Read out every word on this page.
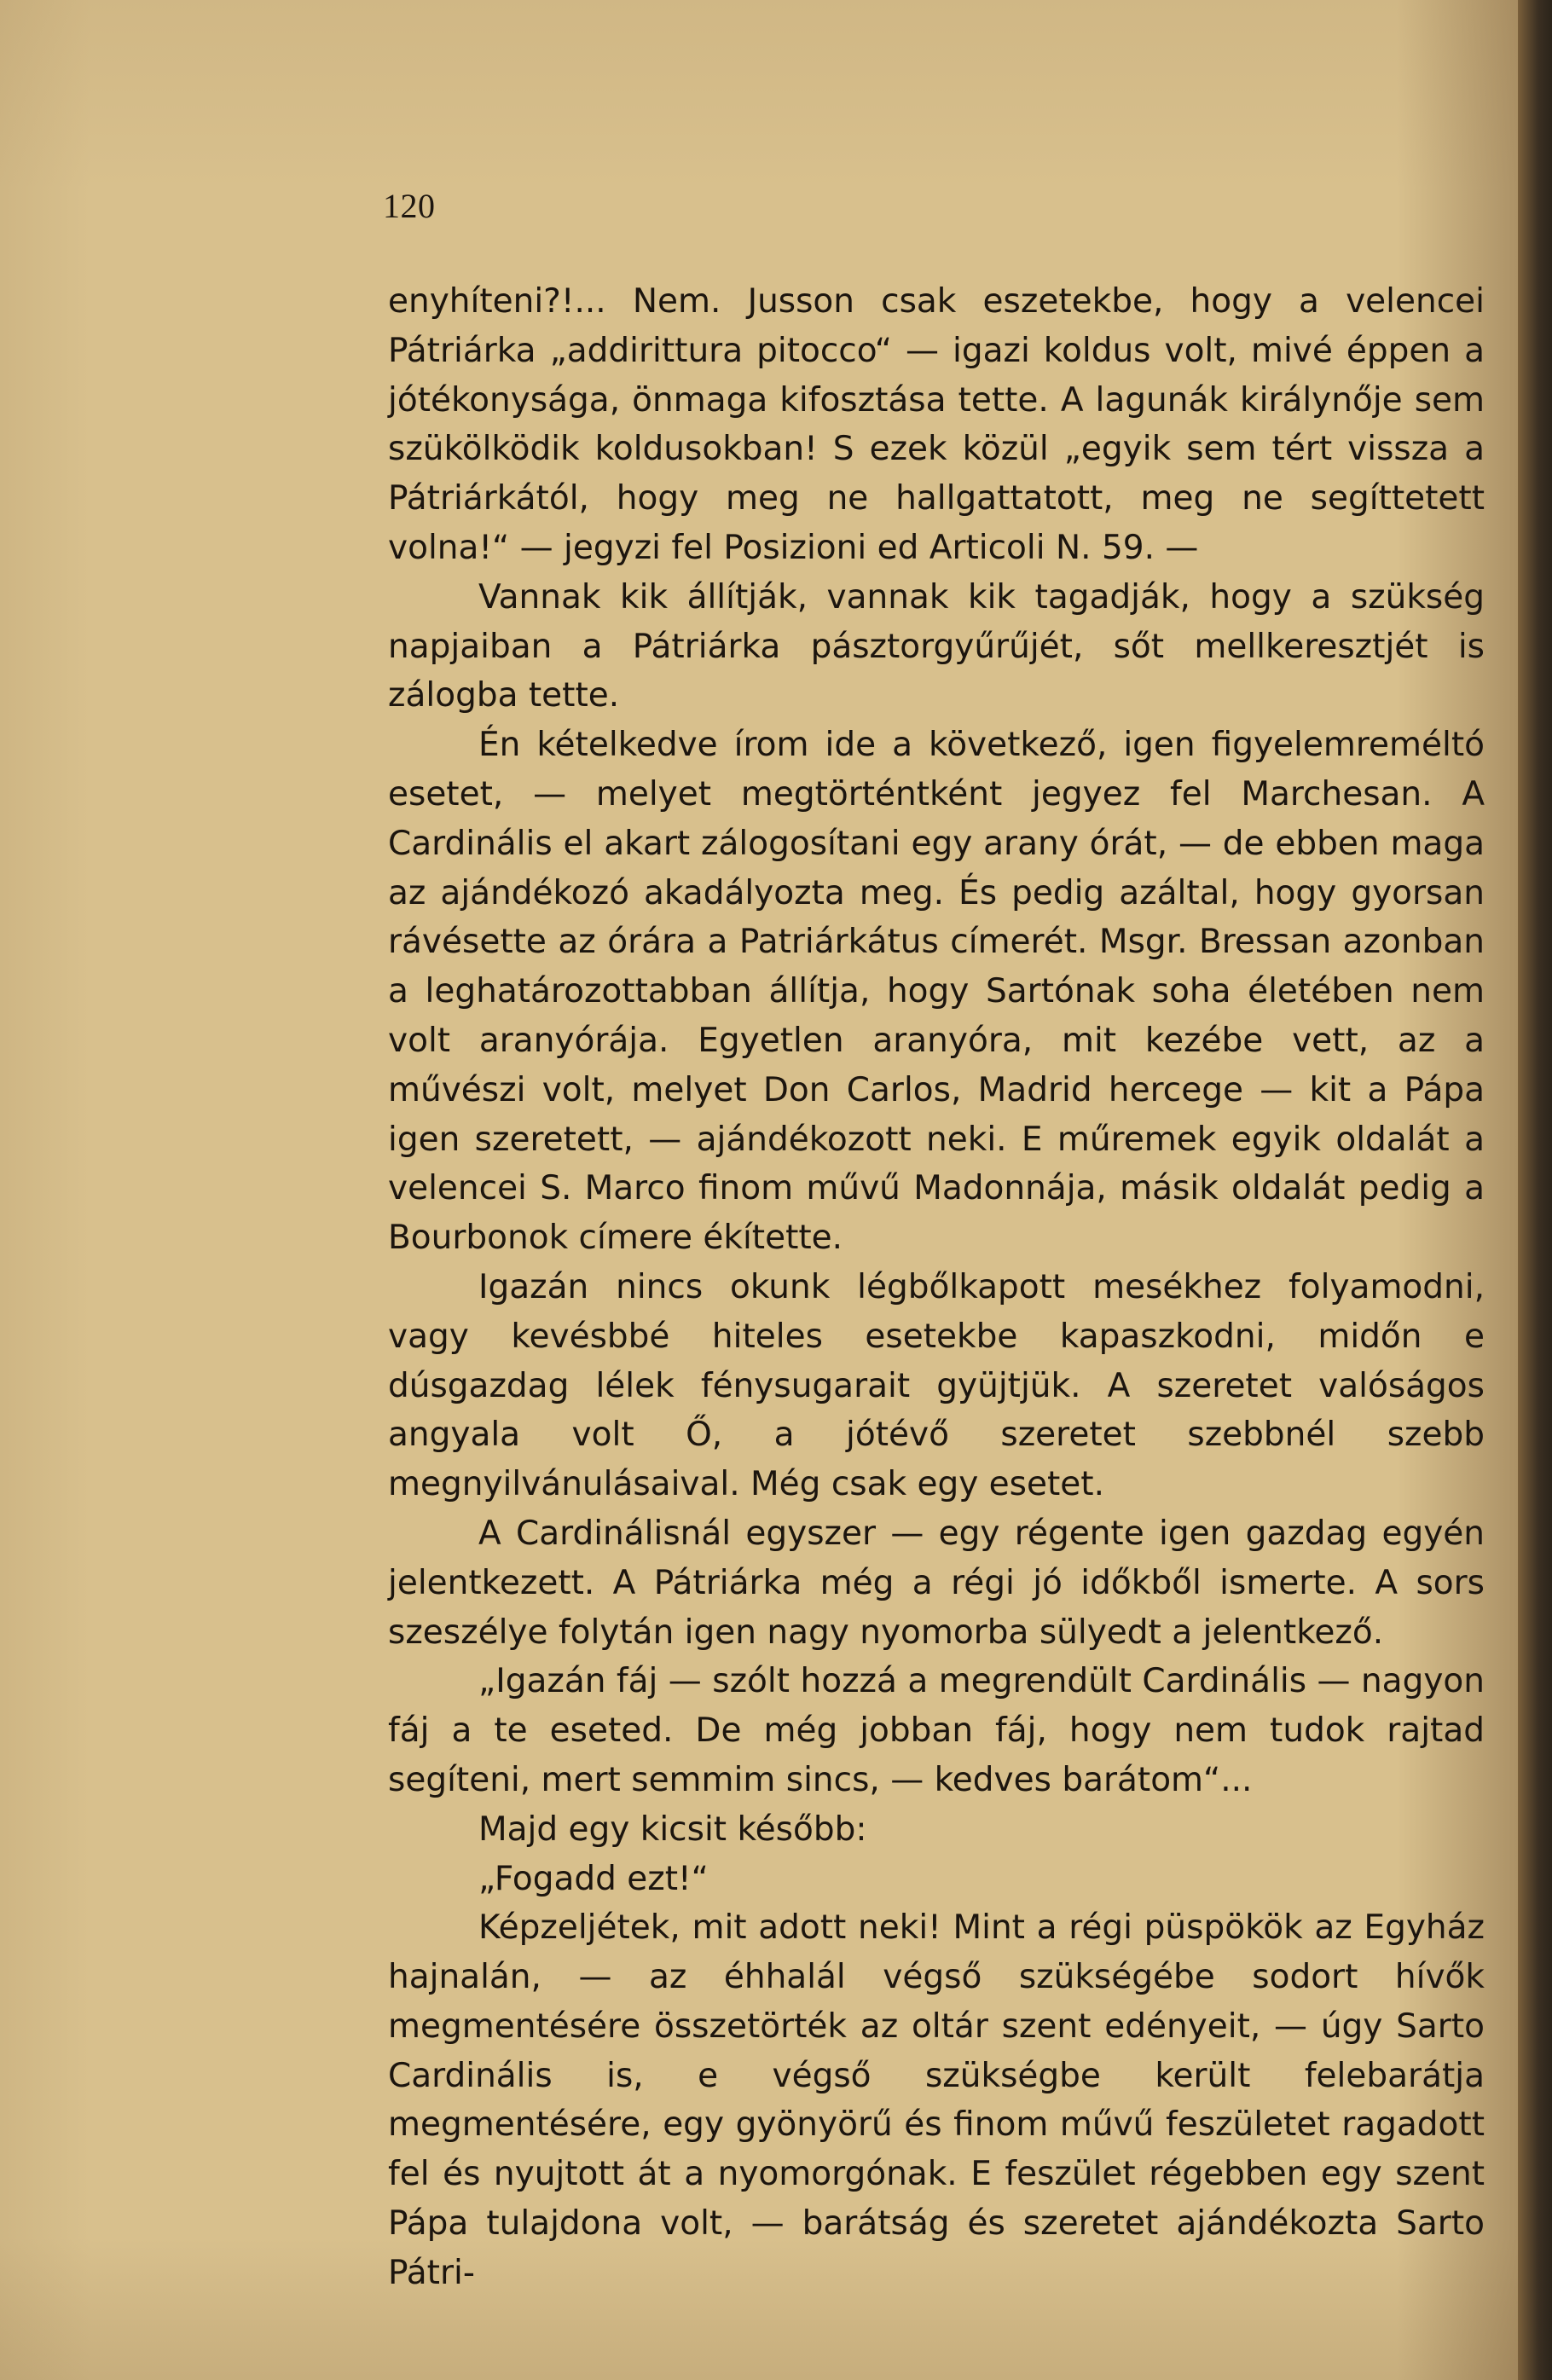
120

enyhíteni?!... Nem. Jusson csak eszetekbe, hogy a velencei Pátriárka „addirittura pitocco“ — igazi koldus volt, mivé éppen a jótékonysága, önmaga kifosztása tette. A lagunák királynője sem szükölködik koldusokban! S ezek közül „egyik sem tért vissza a Pátriárkától, hogy meg ne hallgattatott, meg ne segíttetett volna!“ — jegyzi fel Posizioni ed Articoli N. 59. —

Vannak kik állítják, vannak kik tagadják, hogy a szükség napjaiban a Pátriárka pásztorgyűrűjét, sőt mellkeresztjét is zálogba tette.

Én kételkedve írom ide a következő, igen figyelemreméltó esetet, — melyet megtörténtként jegyez fel Marchesan. A Cardinális el akart zálogosítani egy arany órát, — de ebben maga az ajándékozó akadályozta meg. És pedig azáltal, hogy gyorsan rávésette az órára a Patriárkátus címerét. Msgr. Bressan azonban a leghatározottabban állítja, hogy Sartónak soha életében nem volt aranyórája. Egyetlen aranyóra, mit kezébe vett, az a művészi volt, melyet Don Carlos, Madrid hercege — kit a Pápa igen szeretett, — ajándékozott neki. E műremek egyik oldalát a velencei S. Marco finom művű Madonnája, másik oldalát pedig a Bourbonok címere ékítette.

Igazán nincs okunk légbőlkapott mesékhez folyamodni, vagy kevésbbé hiteles esetekbe kapaszkodni, midőn e dúsgazdag lélek fénysugarait gyüjtjük. A szeretet valóságos angyala volt Ő, a jótévő szeretet szebbnél szebb megnyilvánulásaival. Még csak egy esetet.

A Cardinálisnál egyszer — egy régente igen gazdag egyén jelentkezett. A Pátriárka még a régi jó időkből ismerte. A sors szeszélye folytán igen nagy nyomorba sülyedt a jelentkező.

„Igazán fáj — szólt hozzá a megrendült Cardinális — nagyon fáj a te eseted. De még jobban fáj, hogy nem tudok rajtad segíteni, mert semmim sincs, — kedves barátom“...

Majd egy kicsit később:

„Fogadd ezt!“

Képzeljétek, mit adott neki! Mint a régi püspökök az Egyház hajnalán, — az éhhalál végső szükségébe sodort hívők megmentésére összetörték az oltár szent edényeit, — úgy Sarto Cardinális is, e végső szükségbe került felebarátja megmentésére, egy gyönyörű és finom művű feszületet ragadott fel és nyujtott át a nyomorgónak. E feszület régebben egy szent Pápa tulajdona volt, — barátság és szeretet ajándékozta Sarto Pátri-
